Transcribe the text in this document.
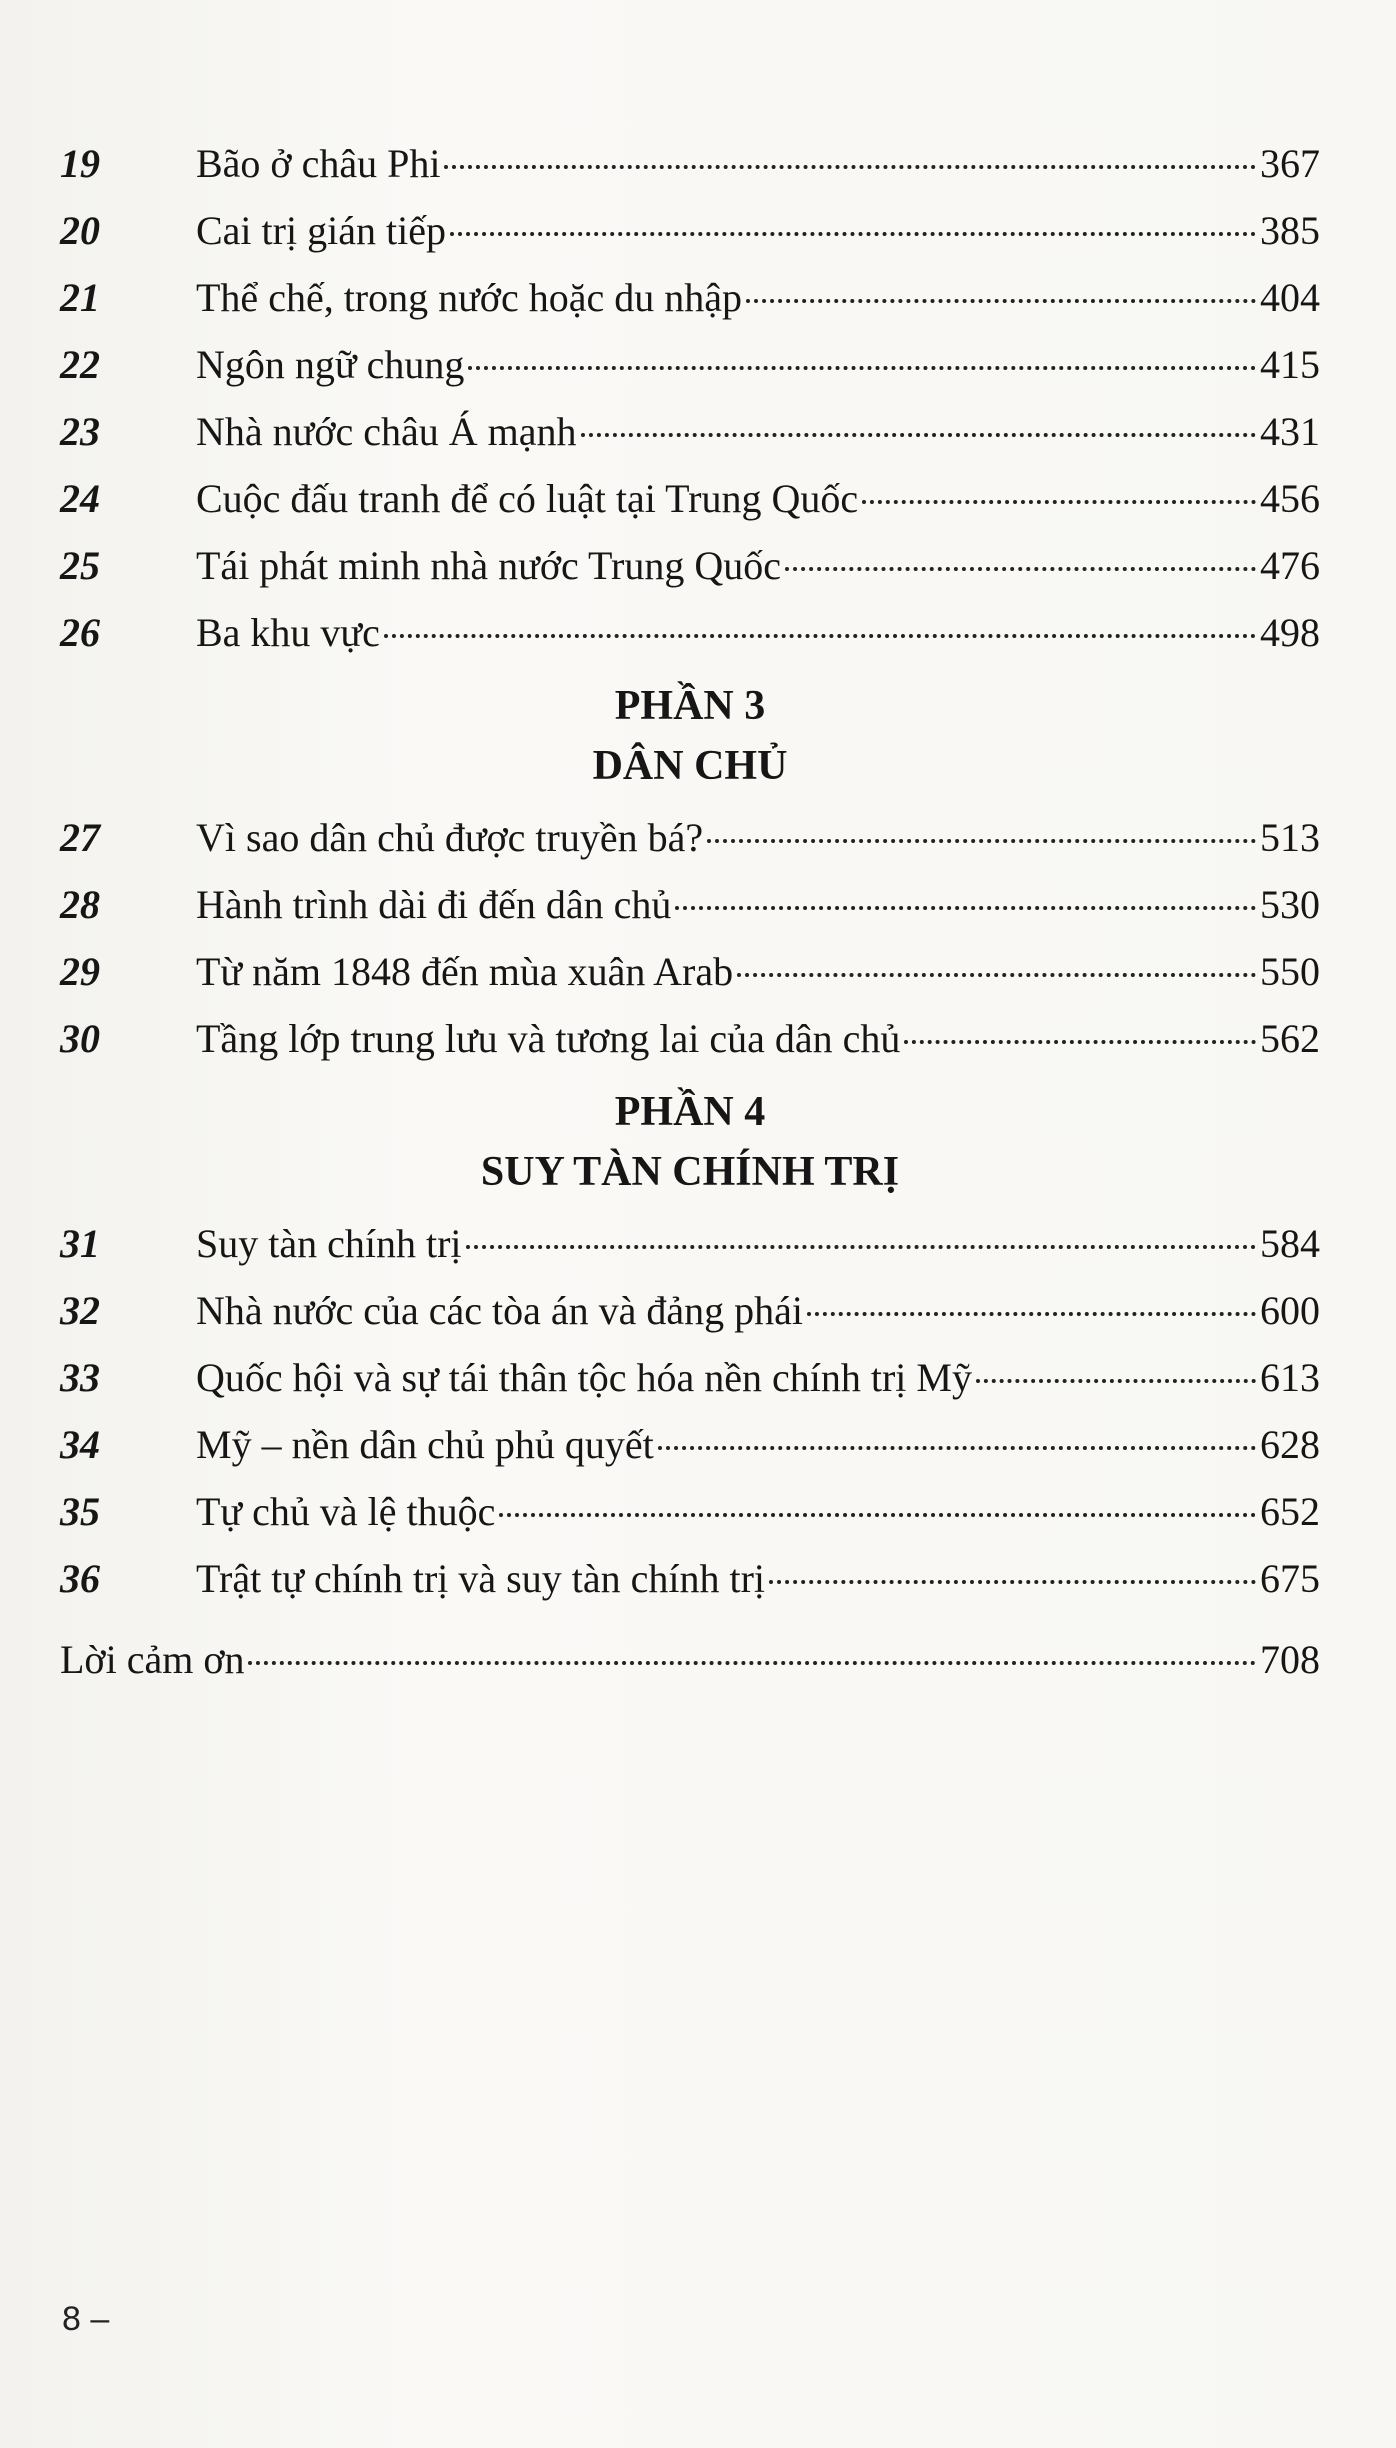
19	Bão ở châu Phi	367
20	Cai trị gián tiếp	385
21	Thể chế, trong nước hoặc du nhập	404
22	Ngôn ngữ chung	415
23	Nhà nước châu Á mạnh	431
24	Cuộc đấu tranh để có luật tại Trung Quốc	456
25	Tái phát minh nhà nước Trung Quốc	476
26	Ba khu vực	498
PHẦN 3
DÂN CHỦ
27	Vì sao dân chủ được truyền bá?	513
28	Hành trình dài đi đến dân chủ	530
29	Từ năm 1848 đến mùa xuân Arab	550
30	Tầng lớp trung lưu và tương lai của dân chủ	562
PHẦN 4
SUY TÀN CHÍNH TRỊ
31	Suy tàn chính trị	584
32	Nhà nước của các tòa án và đảng phái	600
33	Quốc hội và sự tái thân tộc hóa nền chính trị Mỹ	613
34	Mỹ – nền dân chủ phủ quyết	628
35	Tự chủ và lệ thuộc	652
36	Trật tự chính trị và suy tàn chính trị	675
Lời cảm ơn	708
8 –
